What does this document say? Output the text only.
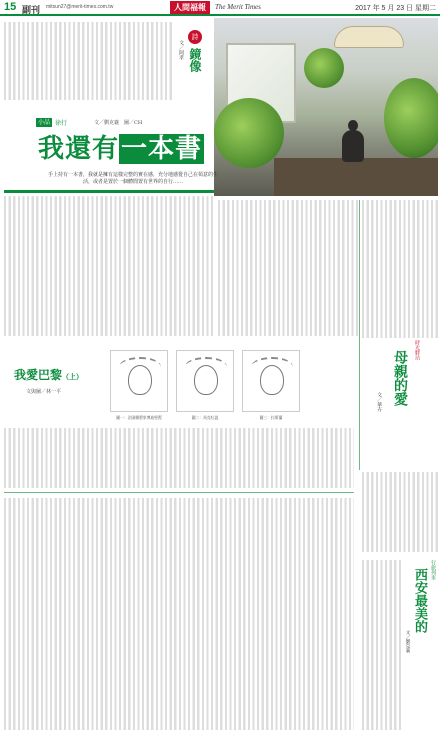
15 副刊 mitsun27@merit-times.com.tw	人間福報	The Merit Times	2017 年 5 月 23 日 星期二
詩
鏡像
文／阿孝
小品 徐行	文／劉克襄　圖／CH
我還有一本書

手上持有一本書，我就是擁有這樣完整的實在感，充分地感覺自己在領意的生活，或者是置於一個體閒置有世界的自行……

我愛巴黎（上）
文與圖／林一平
圖一：法國雕塑家博迪聖賢	圖二：馬克吐溫	圖三：拉斯蘭
時光驛站
母親的愛
文／華卉
行旅列車
西安最美的
文／劉克襄
